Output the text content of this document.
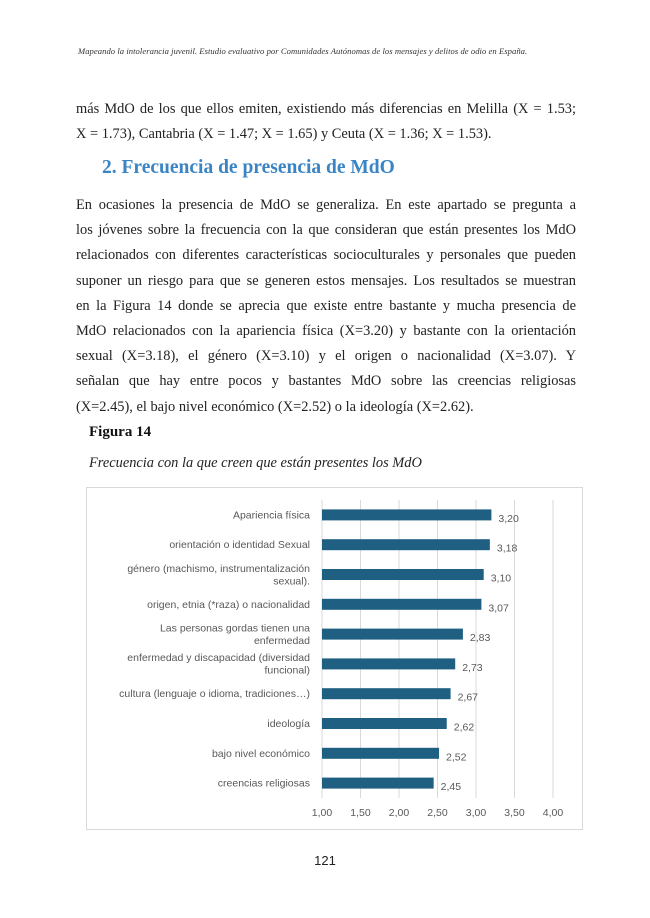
Mapeando la intolerancia juvenil. Estudio evaluativo por Comunidades Autónomas de los mensajes y delitos de odio en España.

más MdO de los que ellos emiten, existiendo más diferencias en Melilla (X = 1.53;
X = 1.73), Cantabria (X = 1.47; X = 1.65) y Ceuta (X = 1.36; X = 1.53).

2. Frecuencia de presencia de MdO

En ocasiones la presencia de MdO se generaliza. En este apartado se pregunta a
los jóvenes sobre la frecuencia con la que consideran que están presentes los MdO
relacionados con diferentes características socioculturales y personales que pueden
suponer un riesgo para que se generen estos mensajes. Los resultados se muestran
en la Figura 14 donde se aprecia que existe entre bastante y mucha presencia de
MdO relacionados con la apariencia física (X=3.20) y bastante con la orientación
sexual (X=3.18), el género (X=3.10) y el origen o nacionalidad (X=3.07). Y
señalan que hay entre pocos y bastantes MdO sobre las creencias religiosas
(X=2.45), el bajo nivel económico (X=2.52) o la ideología (X=2.62).

Figura 14

Frecuencia con la que creen que están presentes los MdO

3,20
Apariencia física
3,18
orientación o identidad Sexual
3,10
género (machismo, instrumentalización
sexual).
3,07
origen, etnia (*raza) o nacionalidad
2,83
Las personas gordas tienen una
enfermedad
2,73
enfermedad y discapacidad (diversidad
funcional)
2,67
cultura (lenguaje o idioma, tradiciones…)
2,62
ideología
2,52
bajo nivel económico
2,45
creencias religiosas
1,00 1,50 2,00 2,50 3,00 3,50 4,00
121
